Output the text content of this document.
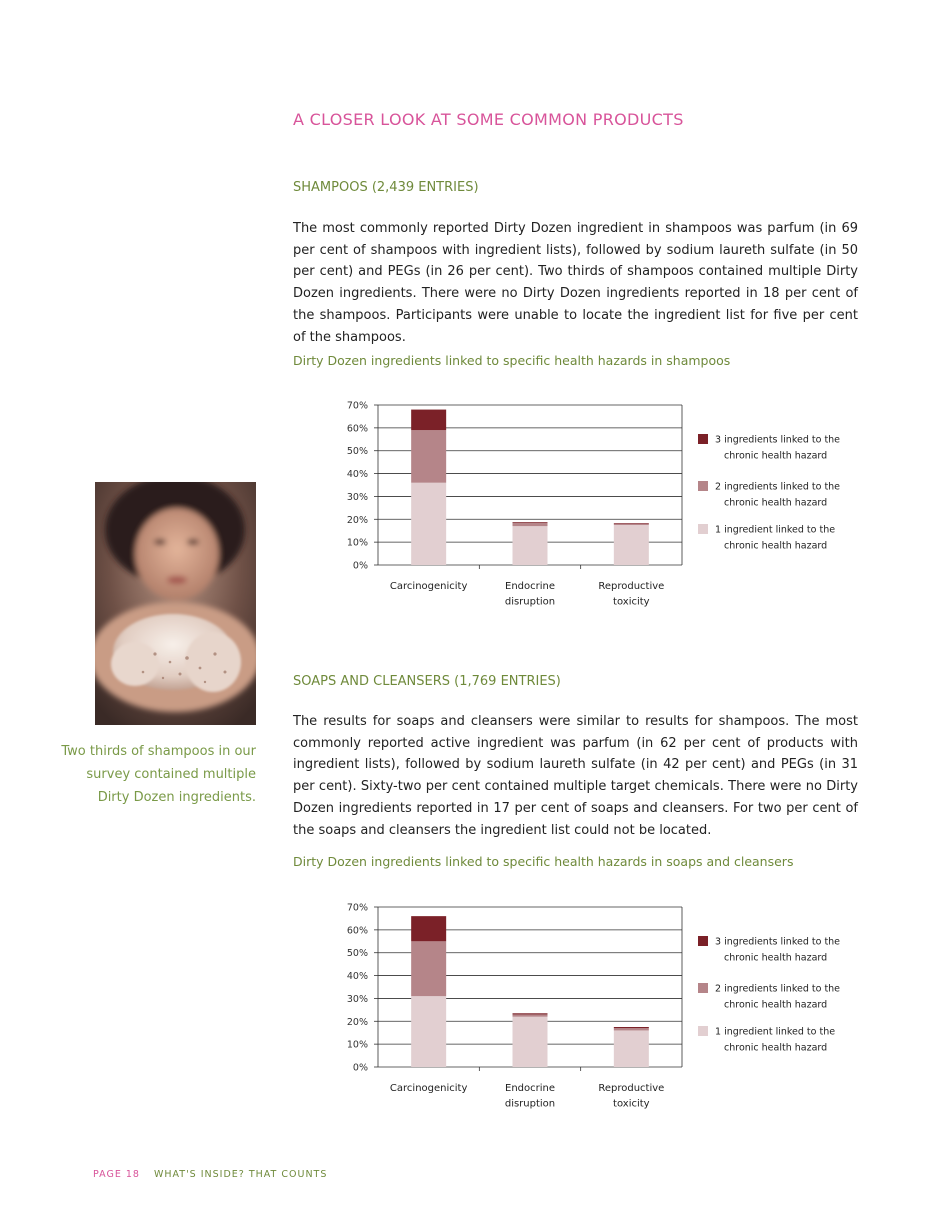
A CLOSER LOOK AT SOME COMMON PRODUCTS
SHAMPOOS (2,439 ENTRIES)

The most commonly reported Dirty Dozen ingredient in shampoos was parfum (in 69 per cent of shampoos with ingredient lists), followed by sodium laureth sulfate (in 50 per cent) and PEGs (in 26 per cent). Two thirds of shampoos contained multiple Dirty Dozen ingredients. There were no Dirty Dozen ingredients reported in 18 per cent of the shampoos. Participants were unable to locate the ingredient list for five per cent of the shampoos.

Dirty Dozen ingredients linked to specific health hazards in shampoos

0%
10%
20%
30%
40%
50%
60%
70%
Carcinogenicity	Endocrine
disruption
Reproductive
toxicity
3 ingredients linked to the
chronic health hazard
2 ingredients linked to the
chronic health hazard
1 ingredient linked to the
chronic health hazard

Two thirds of shampoos in our survey contained multiple Dirty Dozen ingredients.

SOAPS AND CLEANSERS (1,769 ENTRIES)

The results for soaps and cleansers were similar to results for shampoos. The most commonly reported active ingredient was parfum (in 62 per cent of products with ingredient lists), followed by sodium laureth sulfate (in 42 per cent) and PEGs (in 31 per cent). Sixty-two per cent contained multiple target chemicals. There were no Dirty Dozen ingredients reported in 17 per cent of soaps and cleansers. For two per cent of the soaps and cleansers the ingredient list could not be located.

Dirty Dozen ingredients linked to specific health hazards in soaps and cleansers

0%
10%
20%
30%
40%
50%
60%
70%
Carcinogenicity	Endocrine
disruption
Reproductive
toxicity
3 ingredients linked to the
chronic health hazard
2 ingredients linked to the
chronic health hazard
1 ingredient linked to the
chronic health hazard
PAGE 18 WHAT'S INSIDE? THAT COUNTS
